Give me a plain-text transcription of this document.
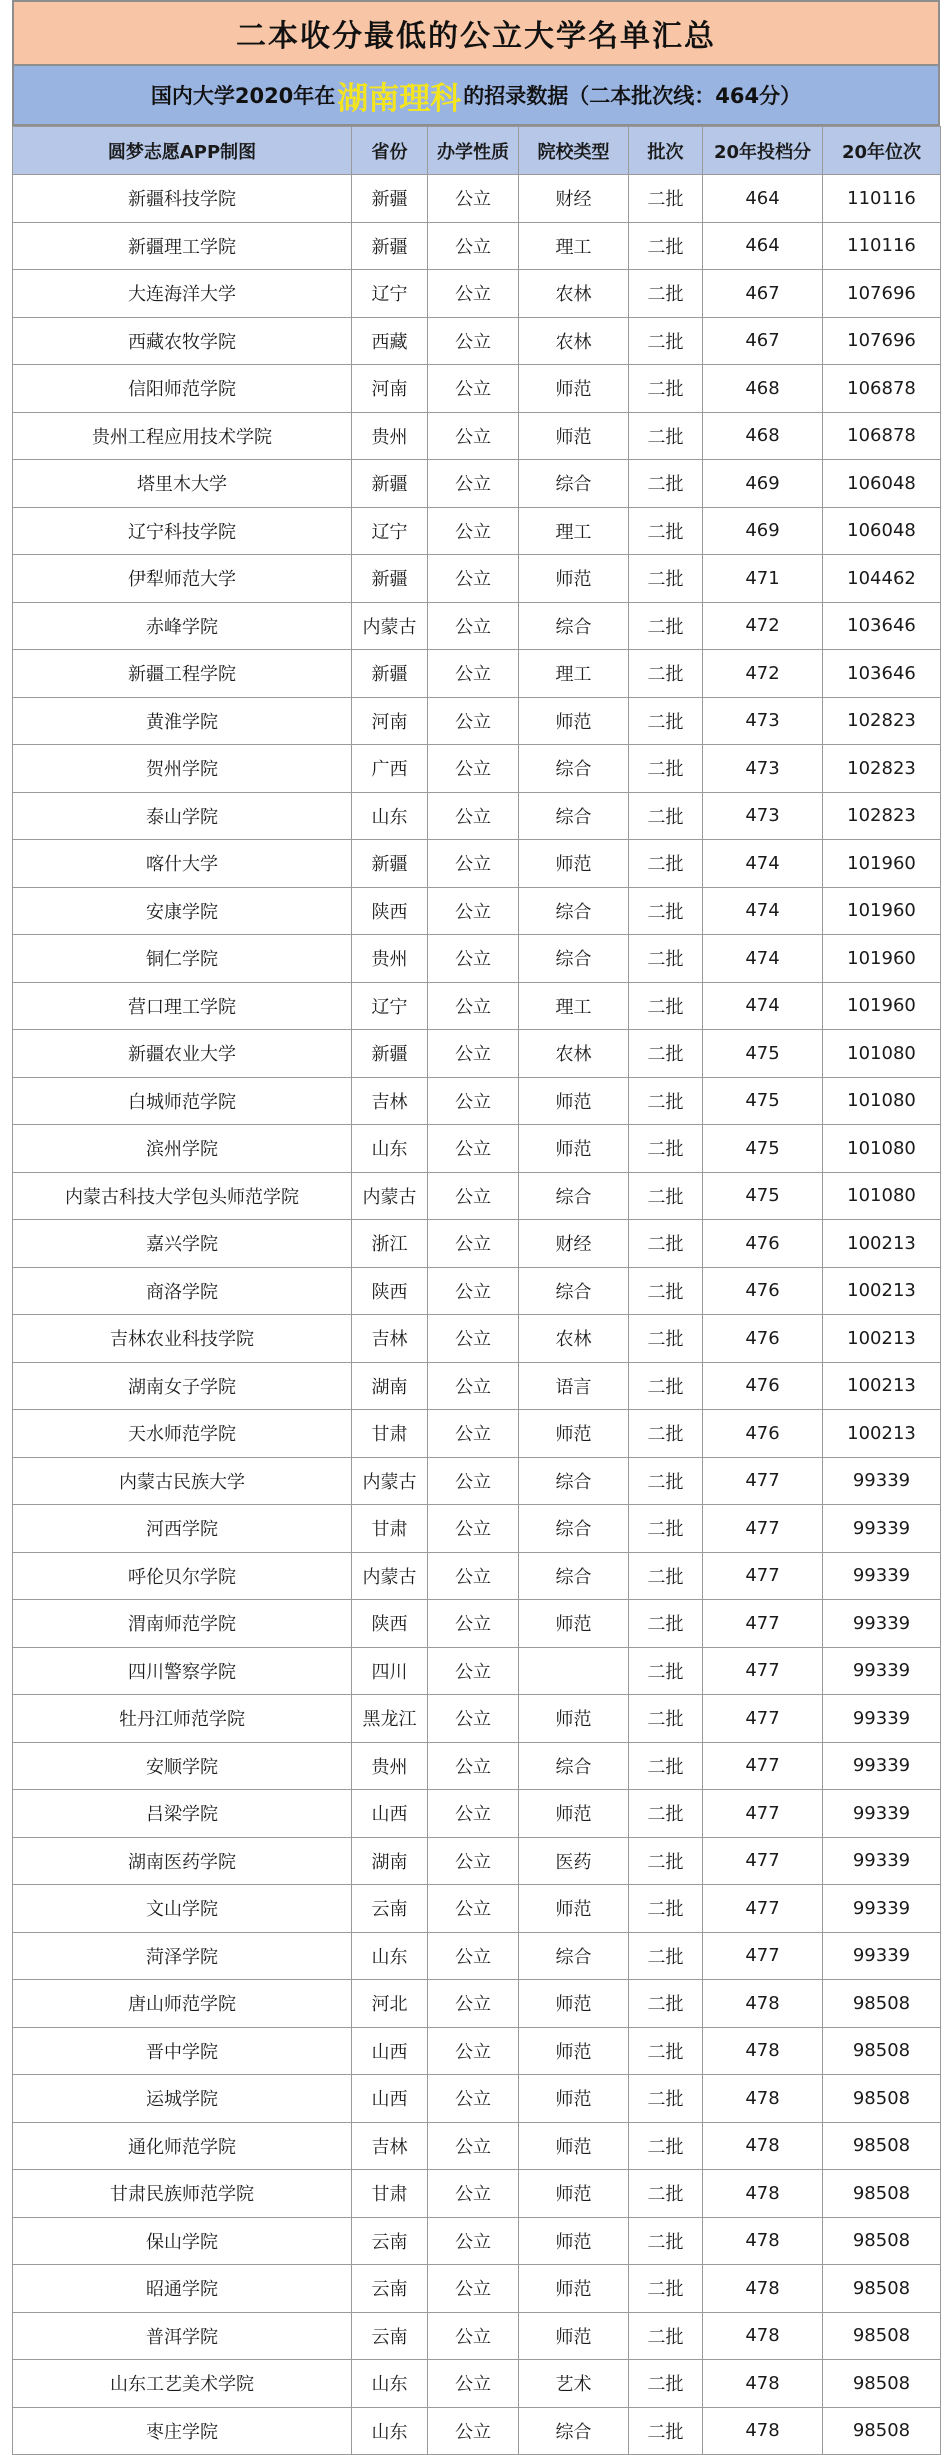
二本收分最低的公立大学名单汇总
国内大学2020年在 湖南理科 的招录数据（二本批次线：464分）
圆梦志愿APP制图	省份	办学性质	院校类型	批次	20年投档分	20年位次
新疆科技学院	新疆	公立	财经	二批	464	110116
新疆理工学院	新疆	公立	理工	二批	464	110116
大连海洋大学	辽宁	公立	农林	二批	467	107696
西藏农牧学院	西藏	公立	农林	二批	467	107696
信阳师范学院	河南	公立	师范	二批	468	106878
贵州工程应用技术学院	贵州	公立	师范	二批	468	106878
塔里木大学	新疆	公立	综合	二批	469	106048
辽宁科技学院	辽宁	公立	理工	二批	469	106048
伊犁师范大学	新疆	公立	师范	二批	471	104462
赤峰学院	内蒙古	公立	综合	二批	472	103646
新疆工程学院	新疆	公立	理工	二批	472	103646
黄淮学院	河南	公立	师范	二批	473	102823
贺州学院	广西	公立	综合	二批	473	102823
泰山学院	山东	公立	综合	二批	473	102823
喀什大学	新疆	公立	师范	二批	474	101960
安康学院	陕西	公立	综合	二批	474	101960
铜仁学院	贵州	公立	综合	二批	474	101960
营口理工学院	辽宁	公立	理工	二批	474	101960
新疆农业大学	新疆	公立	农林	二批	475	101080
白城师范学院	吉林	公立	师范	二批	475	101080
滨州学院	山东	公立	师范	二批	475	101080
内蒙古科技大学包头师范学院	内蒙古	公立	综合	二批	475	101080
嘉兴学院	浙江	公立	财经	二批	476	100213
商洛学院	陕西	公立	综合	二批	476	100213
吉林农业科技学院	吉林	公立	农林	二批	476	100213
湖南女子学院	湖南	公立	语言	二批	476	100213
天水师范学院	甘肃	公立	师范	二批	476	100213
内蒙古民族大学	内蒙古	公立	综合	二批	477	99339
河西学院	甘肃	公立	综合	二批	477	99339
呼伦贝尔学院	内蒙古	公立	综合	二批	477	99339
渭南师范学院	陕西	公立	师范	二批	477	99339
四川警察学院	四川	公立		二批	477	99339
牡丹江师范学院	黑龙江	公立	师范	二批	477	99339
安顺学院	贵州	公立	综合	二批	477	99339
吕梁学院	山西	公立	师范	二批	477	99339
湖南医药学院	湖南	公立	医药	二批	477	99339
文山学院	云南	公立	师范	二批	477	99339
菏泽学院	山东	公立	综合	二批	477	99339
唐山师范学院	河北	公立	师范	二批	478	98508
晋中学院	山西	公立	师范	二批	478	98508
运城学院	山西	公立	师范	二批	478	98508
通化师范学院	吉林	公立	师范	二批	478	98508
甘肃民族师范学院	甘肃	公立	师范	二批	478	98508
保山学院	云南	公立	师范	二批	478	98508
昭通学院	云南	公立	师范	二批	478	98508
普洱学院	云南	公立	师范	二批	478	98508
山东工艺美术学院	山东	公立	艺术	二批	478	98508
枣庄学院	山东	公立	综合	二批	478	98508
